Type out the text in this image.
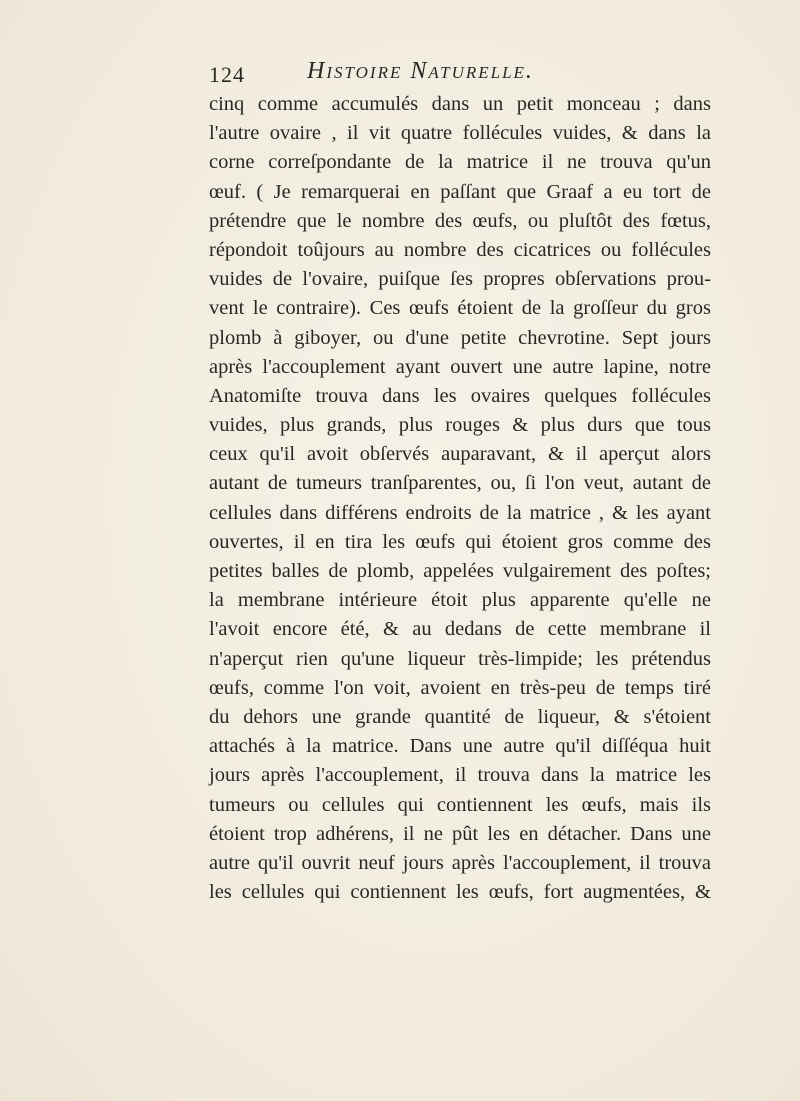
124	Histoire Naturelle.
cinq comme accumulés dans un petit monceau ; dans
l'autre ovaire , il vit quatre follécules vuides, & dans la
corne correſpondante de la matrice il ne trouva qu'un
œuf. ( Je remarquerai en paſſant que Graaf a eu tort de
prétendre que le nombre des œufs, ou pluſtôt des fœtus,
répondoit toûjours au nombre des cicatrices ou follécules
vuides de l'ovaire, puiſque ſes propres obſervations prou-
vent le contraire). Ces œufs étoient de la groſſeur du gros
plomb à giboyer, ou d'une petite chevrotine. Sept jours
après l'accouplement ayant ouvert une autre lapine, notre
Anatomiſte trouva dans les ovaires quelques follécules
vuides, plus grands, plus rouges & plus durs que tous
ceux qu'il avoit obſervés auparavant, & il aperçut alors
autant de tumeurs tranſparentes, ou, ſi l'on veut, autant de
cellules dans différens endroits de la matrice , & les ayant
ouvertes, il en tira les œufs qui étoient gros comme des
petites balles de plomb, appelées vulgairement des poſtes;
la membrane intérieure étoit plus apparente qu'elle ne
l'avoit encore été, & au dedans de cette membrane il
n'aperçut rien qu'une liqueur très-limpide; les prétendus
œufs, comme l'on voit, avoient en très-peu de temps tiré
du dehors une grande quantité de liqueur, & s'étoient
attachés à la matrice. Dans une autre qu'il diſſéqua huit
jours après l'accouplement, il trouva dans la matrice les
tumeurs ou cellules qui contiennent les œufs, mais ils
étoient trop adhérens, il ne pût les en détacher. Dans une
autre qu'il ouvrit neuf jours après l'accouplement, il trouva
les cellules qui contiennent les œufs, fort augmentées, &
